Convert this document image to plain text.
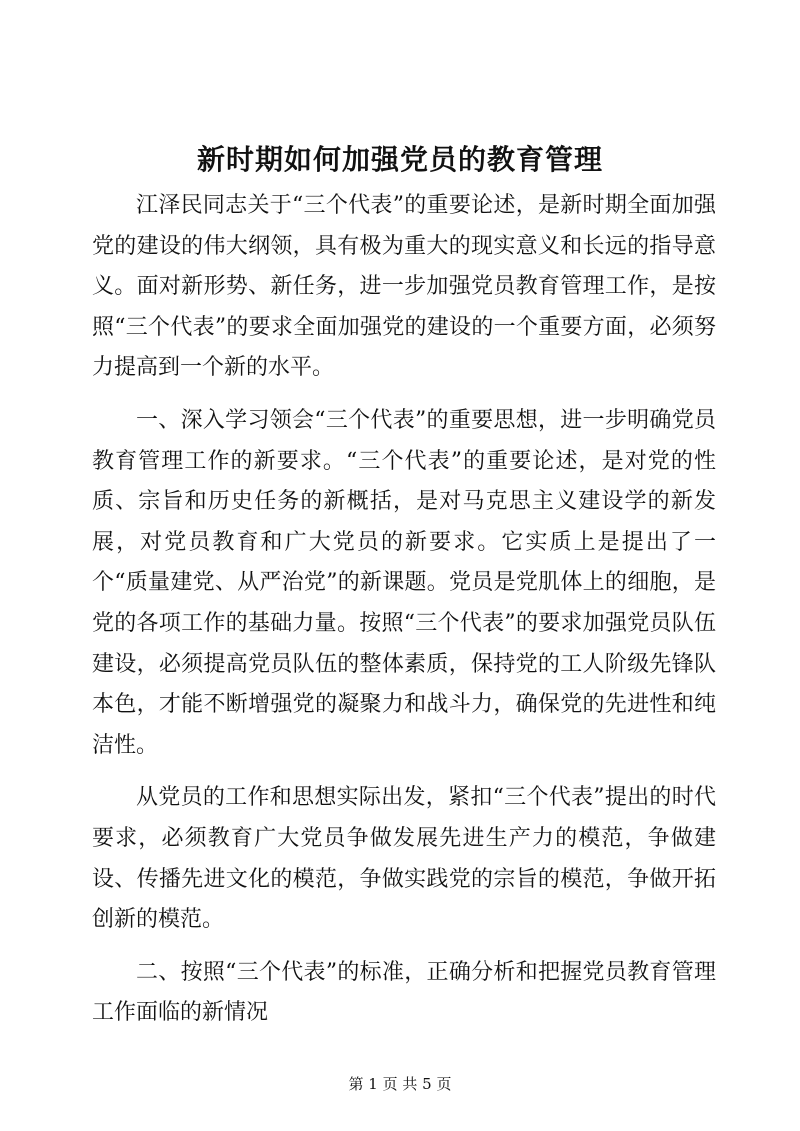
新时期如何加强党员的教育管理

江泽民同志关于“三个代表”的重要论述，是新时期全面加强党的建设的伟大纲领，具有极为重大的现实意义和长远的指导意义。面对新形势、新任务，进一步加强党员教育管理工作，是按照“三个代表”的要求全面加强党的建设的一个重要方面，必须努力提高到一个新的水平。

一、深入学习领会“三个代表”的重要思想，进一步明确党员教育管理工作的新要求。“三个代表”的重要论述，是对党的性质、宗旨和历史任务的新概括，是对马克思主义建设学的新发展，对党员教育和广大党员的新要求。它实质上是提出了一个“质量建党、从严治党”的新课题。党员是党肌体上的细胞，是党的各项工作的基础力量。按照“三个代表”的要求加强党员队伍建设，必须提高党员队伍的整体素质，保持党的工人阶级先锋队本色，才能不断增强党的凝聚力和战斗力，确保党的先进性和纯洁性。

从党员的工作和思想实际出发，紧扣“三个代表”提出的时代要求，必须教育广大党员争做发展先进生产力的模范，争做建设、传播先进文化的模范，争做实践党的宗旨的模范，争做开拓创新的模范。

二、按照“三个代表”的标准，正确分析和把握党员教育管理工作面临的新情况

第 1 页 共 5 页
